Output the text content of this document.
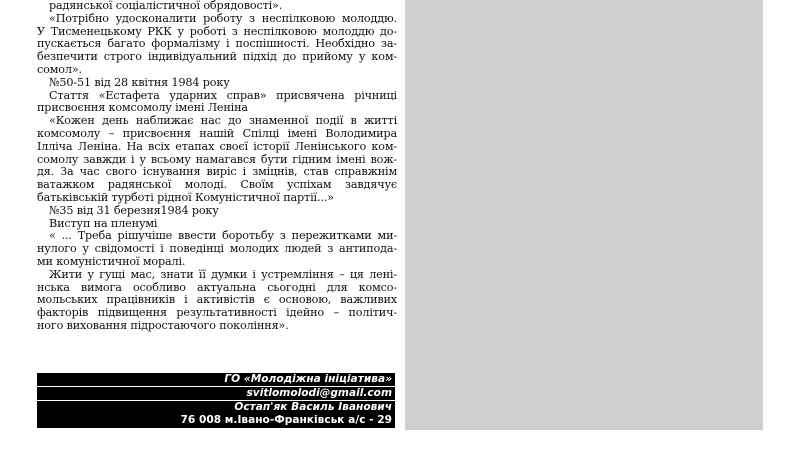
радянської соціалістичної обрядовості».
«Потрібно удосконалити роботу з неспілковою молоддю.
У Тисменецькому РКК у роботі з неспілковою молоддю до-
пускається багато формалізму і поспішності. Необхідно за-
безпечити строго індивідуальний підхід до прийому у ком-
сомол».
№50-51 від 28 квітня 1984 року
Стаття «Естафета ударних справ» присвячена річниці
присвоєння комсомолу імені Леніна
«Кожен день наближає нас до знаменної події в житті
комсомолу – присвоєння нашій Спілці імені Володимира
Ілліча Леніна. На всіх етапах своєї історії Ленінського ком-
сомолу завжди і у всьому намагався бути гідним імені вож-
дя. За час свого існування виріс і зміцнів, став справжнім
ватажком радянської молоді. Своїм успіхам завдячує
батьківській турботі рідної Комуністичної партії...»
№35 від 31 березня1984 року
Виступ на пленумі
« ... Треба рішучіше ввести боротьбу з пережитками ми-
нулого у свідомості і поведінці молодих людей з антипода-
ми комуністичної моралі.
Жити у гущі мас, знати її думки і устремління – ця лені-
нська вимога особливо актуальна сьогодні для комсо-
мольських працівників і активістів є основою, важливих
факторів підвищення результативності ідейно – політич-
ного виховання підростаючого покоління».
ГО «Молодіжна ініціатива»
svitlomolodi@gmail.com
Остап'як Василь Іванович
76 008 м.Івано-Франківськ а/с - 29
